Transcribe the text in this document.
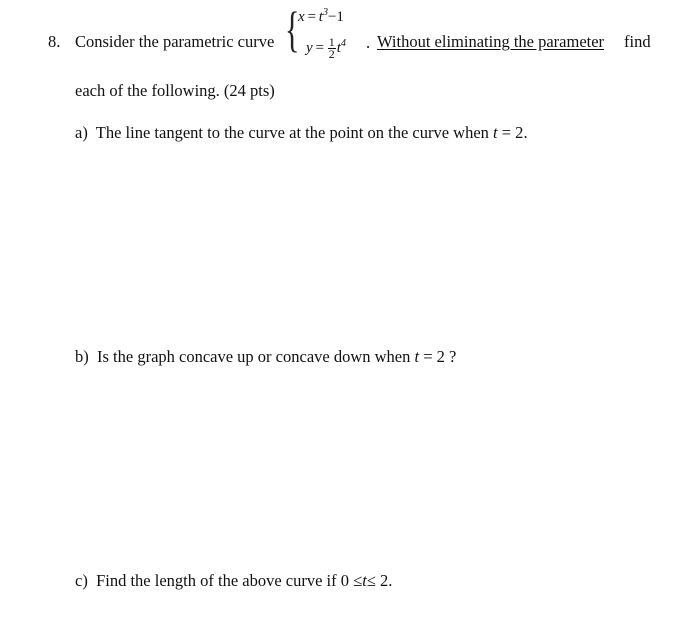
8. Consider the parametric curve {
$x = t^3-1$
$y = \frac{1}{2} t^4$ . Without eliminating the parameter find
each of the following. (24 pts)
a) The line tangent to the curve at the point on the curve when t = 2.
b) Is the graph concave up or concave down when t = 2 ?
c) Find the length of the above curve if 0 ≤t≤ 2.
